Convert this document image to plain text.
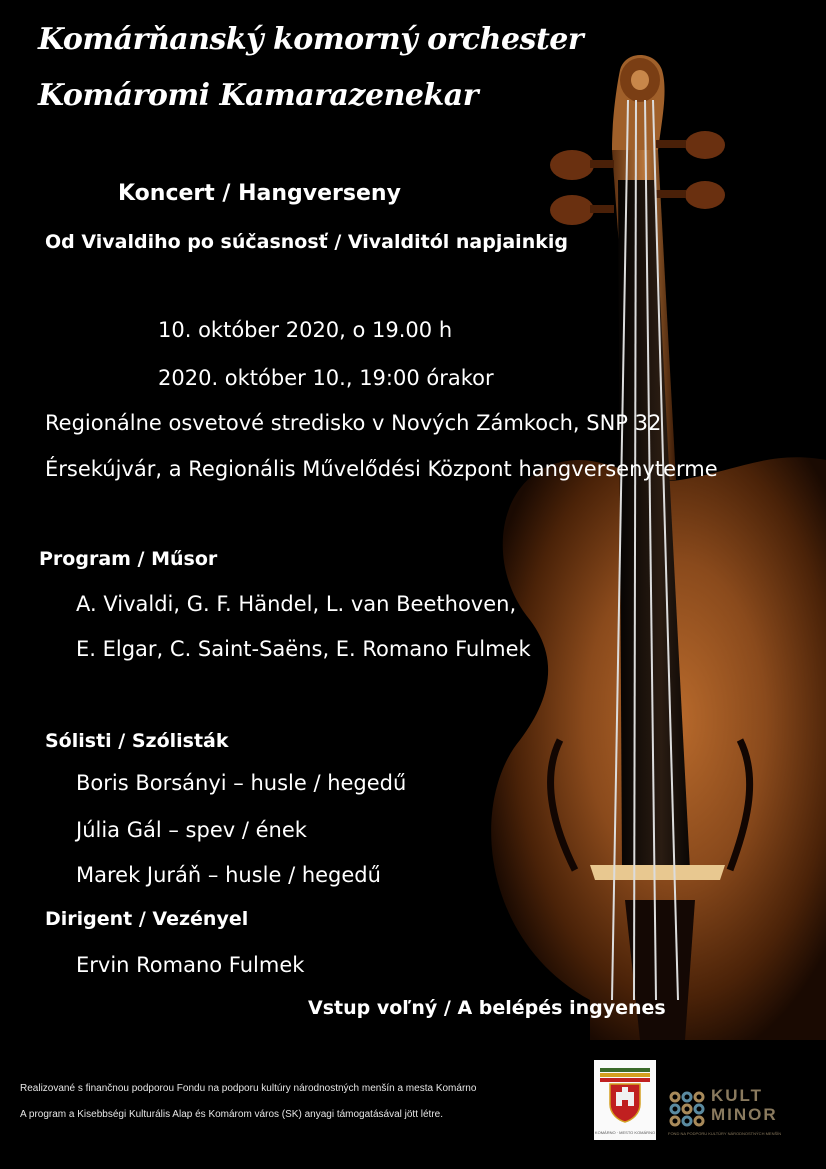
Komárňanský komorný orchester
Komáromi Kamarazenekar
Koncert / Hangverseny
Od Vivaldiho po súčasnosť / Vivalditól napjainkig
10. október 2020, o 19.00 h
2020. október 10., 19:00 órakor
Regionálne osvetové stredisko v Nových Zámkoch, SNP 32
Érsekújvár, a Regionális Művelődési Központ hangversenyterme
Program / Műsor
A. Vivaldi, G. F. Händel, L. van Beethoven,
E. Elgar, C. Saint-Saëns, E. Romano Fulmek
Sólisti / Szólisták
Boris Borsányi – husle / hegedű
Júlia Gál – spev / ének
Marek Juráň – husle / hegedű
Dirigent / Vezényel
Ervin Romano Fulmek
Vstup voľný / A belépés ingyenes
Realizované s finančnou podporou Fondu na podporu kultúry národnostných menšín a mesta Komárno
A program a Kisebbségi Kulturális Alap és Komárom város (SK) anyagi támogatásával jött létre.
KOMÁRNO · MESTO KOMÁRNO
KULT
MINOR
FOND NA PODPORU KULTÚRY NÁRODNOSTNÝCH MENŠÍN
